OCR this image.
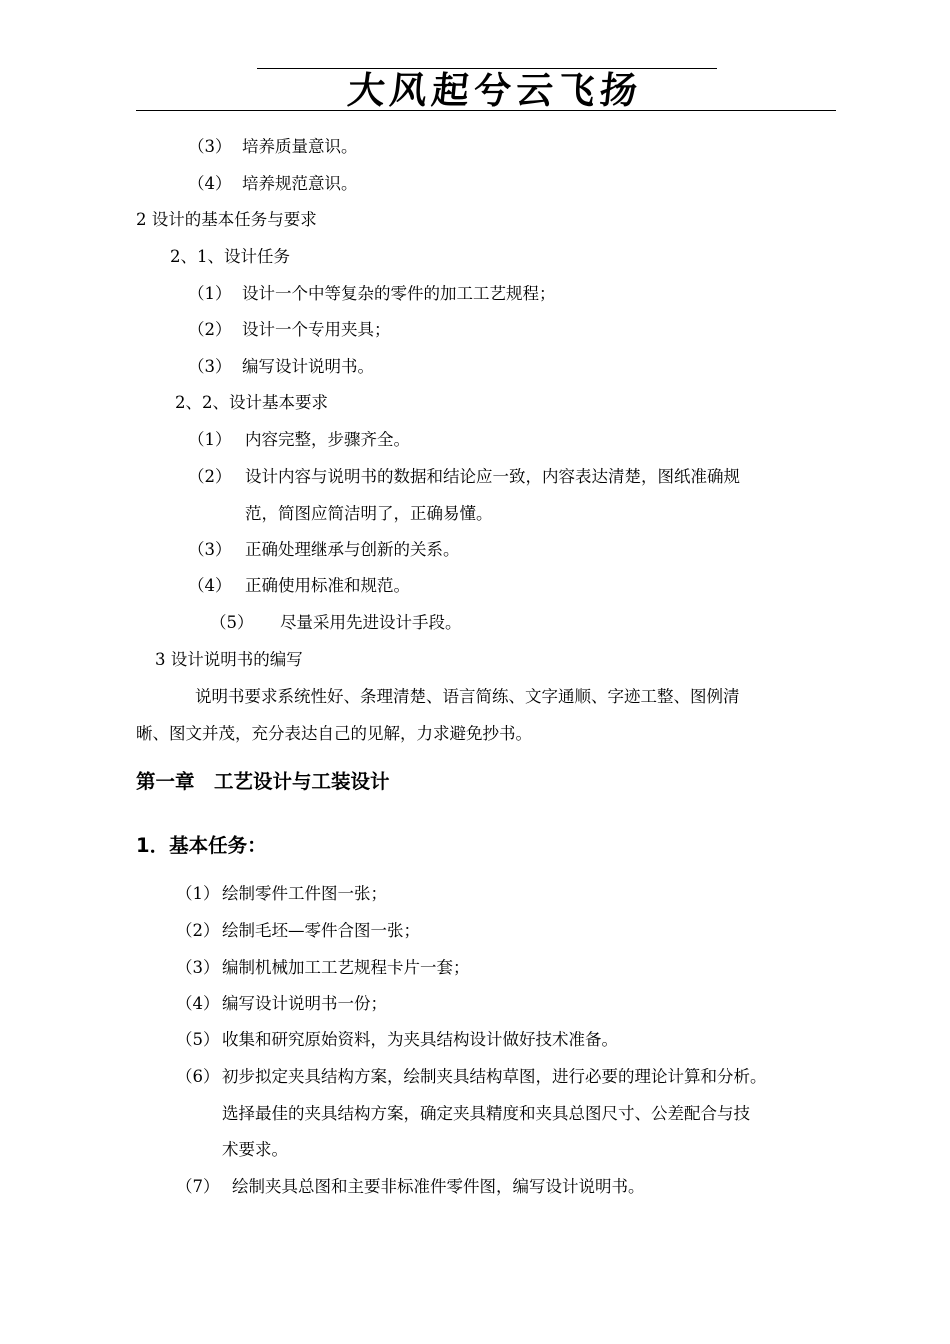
大风起兮云飞扬
（3） 培养质量意识。
（4） 培养规范意识。
2 设计的基本任务与要求
2、1、设计任务
（1） 设计一个中等复杂的零件的加工工艺规程；
（2） 设计一个专用夹具；
（3） 编写设计说明书。
2、2、设计基本要求
（1） 内容完整，步骤齐全。
（2） 设计内容与说明书的数据和结论应一致，内容表达清楚，图纸准确规
范，简图应简洁明了，正确易懂。
（3） 正确处理继承与创新的关系。
（4） 正确使用标准和规范。
（5） 尽量采用先进设计手段。
3 设计说明书的编写
说明书要求系统性好、条理清楚、语言简练、文字通顺、字迹工整、图例清
晰、图文并茂，充分表达自己的见解，力求避免抄书。
第一章　工艺设计与工装设计
1．基本任务：
（1） 绘制零件工件图一张；
（2） 绘制毛坯—零件合图一张；
（3） 编制机械加工工艺规程卡片一套；
（4） 编写设计说明书一份；
（5） 收集和研究原始资料，为夹具结构设计做好技术准备。
（6） 初步拟定夹具结构方案，绘制夹具结构草图，进行必要的理论计算和分析。
选择最佳的夹具结构方案，确定夹具精度和夹具总图尺寸、公差配合与技
术要求。
（7） 绘制夹具总图和主要非标准件零件图，编写设计说明书。
